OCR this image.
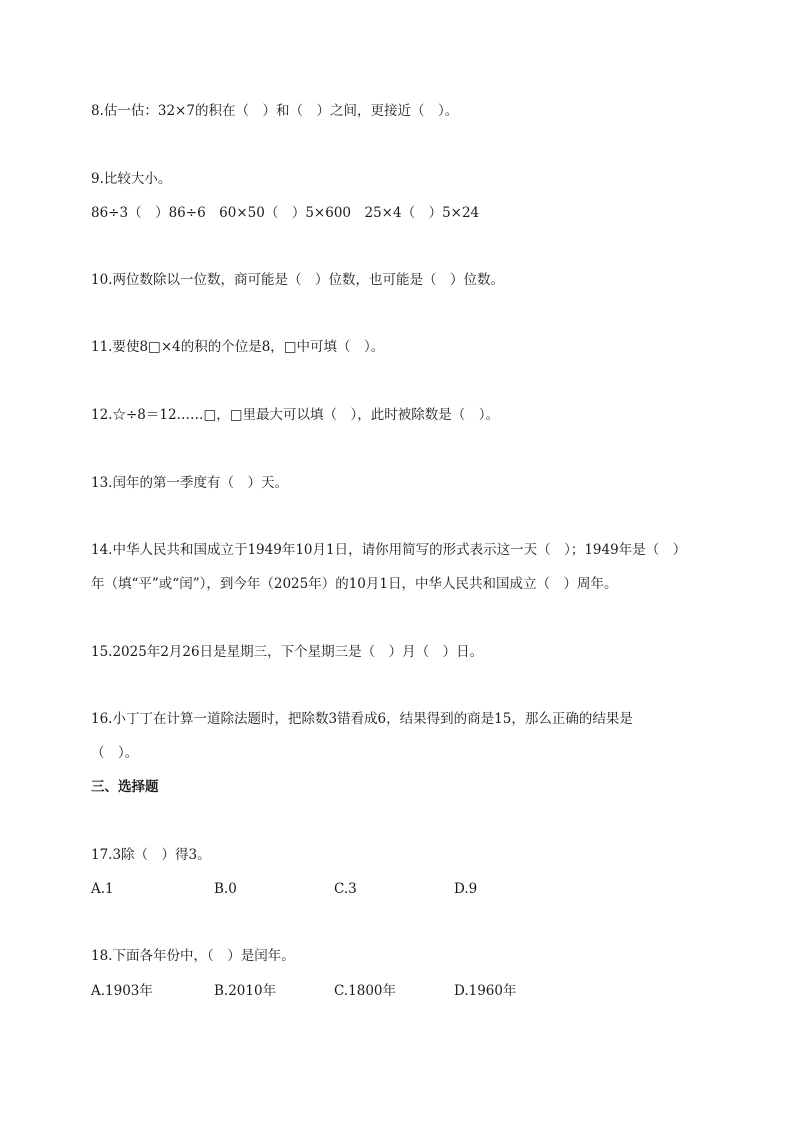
8.估一估：32×7的积在（　）和（　）之间，更接近（　）。
9.比较大小。
86÷3（　）86÷6　60×50（　）5×600　25×4（　）5×24
10.两位数除以一位数，商可能是（　）位数，也可能是（　）位数。
11.要使8□×4的积的个位是8，□中可填（　）。
12.☆÷8＝12……□，□里最大可以填（　），此时被除数是（　）。
13.闰年的第一季度有（　）天。
14.中华人民共和国成立于1949年10月1日，请你用简写的形式表示这一天（　）；1949年是（　）
年（填“平”或“闰”），到今年（2025年）的10月1日，中华人民共和国成立（　）周年。
15.2025年2月26日是星期三，下个星期三是（　）月（　）日。
16.小丁丁在计算一道除法题时，把除数3错看成6，结果得到的商是15，那么正确的结果是
（　）。
三、选择题
17.3除（　）得3。
A.1	B.0	C.3	D.9
18.下面各年份中，（　）是闰年。
A.1903年	B.2010年	C.1800年	D.1960年
